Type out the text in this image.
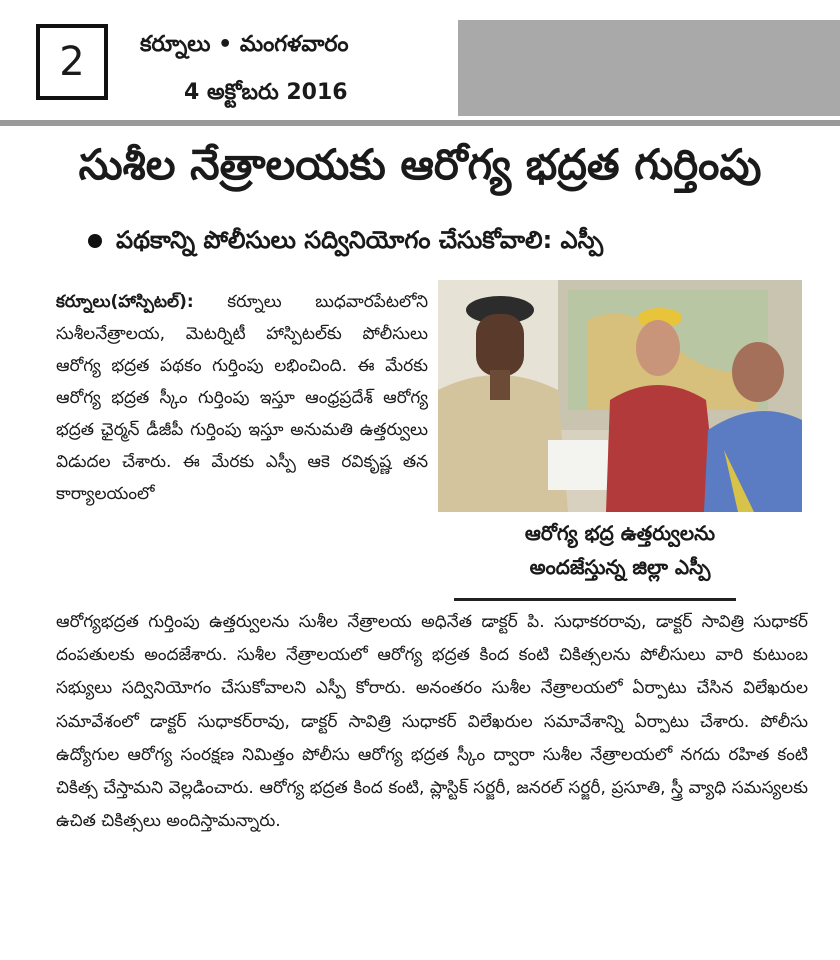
2	కర్నూలు • మంగళవారం
4 అక్టోబరు 2016
సుశీల నేత్రాలయకు ఆరోగ్య భద్రత గుర్తింపు
పథకాన్ని పోలీసులు సద్వినియోగం చేసుకోవాలి: ఎస్పీ
ఆరోగ్య భద్ర ఉత్తర్వులను
అందజేస్తున్న జిల్లా ఎస్పీ

కర్నూలు(హాస్పిటల్): కర్నూలు బుధవారపేటలోని సుశీలనేత్రాలయ, మెటర్నిటీ హాస్పిటల్‌కు పోలీసులు ఆరోగ్య భద్రత పథకం గుర్తింపు లభించింది. ఈ మేరకు ఆరోగ్య భద్రత స్కీం గుర్తింపు ఇస్తూ ఆంధ్రప్రదేశ్ ఆరోగ్య భద్రత ఛైర్మన్ డీజీపీ గుర్తింపు ఇస్తూ అనుమతి ఉత్తర్వులు విడుదల చేశారు. ఈ మేరకు ఎస్పీ ఆకె రవికృష్ణ తన కార్యాలయంలో

ఆరోగ్యభద్రత గుర్తింపు ఉత్తర్వులను సుశీల నేత్రాలయ అధినేత డాక్టర్ పి. సుధాకరరావు, డాక్టర్ సావిత్రి సుధాకర్ దంపతులకు అందజేశారు. సుశీల నేత్రాలయలో ఆరోగ్య భద్రత కింద కంటి చికిత్సలను పోలీసులు వారి కుటుంబ సభ్యులు సద్వినియోగం చేసుకోవాలని ఎస్పీ కోరారు. అనంతరం సుశీల నేత్రాలయలో ఏర్పాటు చేసిన విలేఖరుల సమావేశంలో డాక్టర్ సుధాకర్‌రావు, డాక్టర్ సావిత్రి సుధాకర్ విలేఖరుల సమావేశాన్ని ఏర్పాటు చేశారు. పోలీసు ఉద్యోగుల ఆరోగ్య సంరక్షణ నిమిత్తం పోలీసు ఆరోగ్య భద్రత స్కీం ద్వారా సుశీల నేత్రాలయలో నగదు రహిత కంటి చికిత్స చేస్తామని వెల్లడించారు. ఆరోగ్య భద్రత కింద కంటి, ప్లాస్టిక్ సర్జరీ, జనరల్ సర్జరీ, ప్రసూతి, స్త్రీ వ్యాధి సమస్యలకు ఉచిత చికిత్సలు అందిస్తామన్నారు.
